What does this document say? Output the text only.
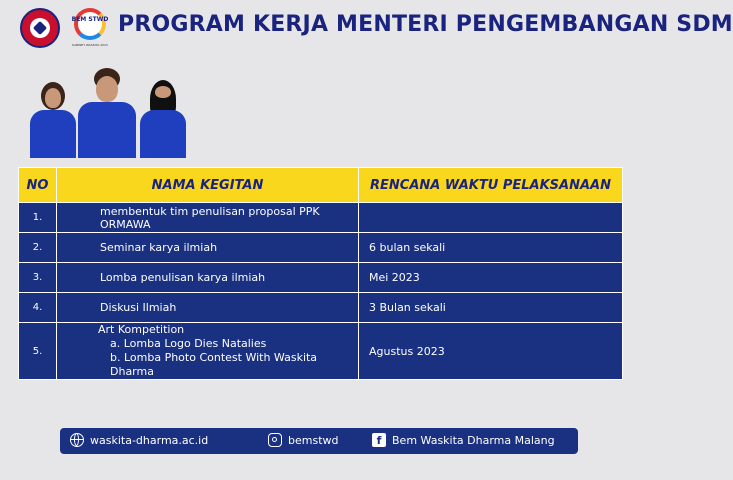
BEM STWD
KABINET WASKITA 2023
PROGRAM KERJA MENTERI PENGEMBANGAN SDM
NO	NAMA KEGITAN	RENCANA WAKTU PELAKSANAAN
1.	membentuk tim penulisan proposal PPK ORMAWA	
2.	Seminar karya ilmiah	6 bulan sekali
3.	Lomba penulisan karya ilmiah	Mei 2023
4.	Diskusi Ilmiah	3 Bulan sekali
5.	Art Kompetition
a. Lomba Logo Dies Natalies
b. Lomba Photo Contest With Waskita Dharma	Agustus 2023
waskita-dharma.ac.id	bemstwd	f Bem Waskita Dharma Malang
